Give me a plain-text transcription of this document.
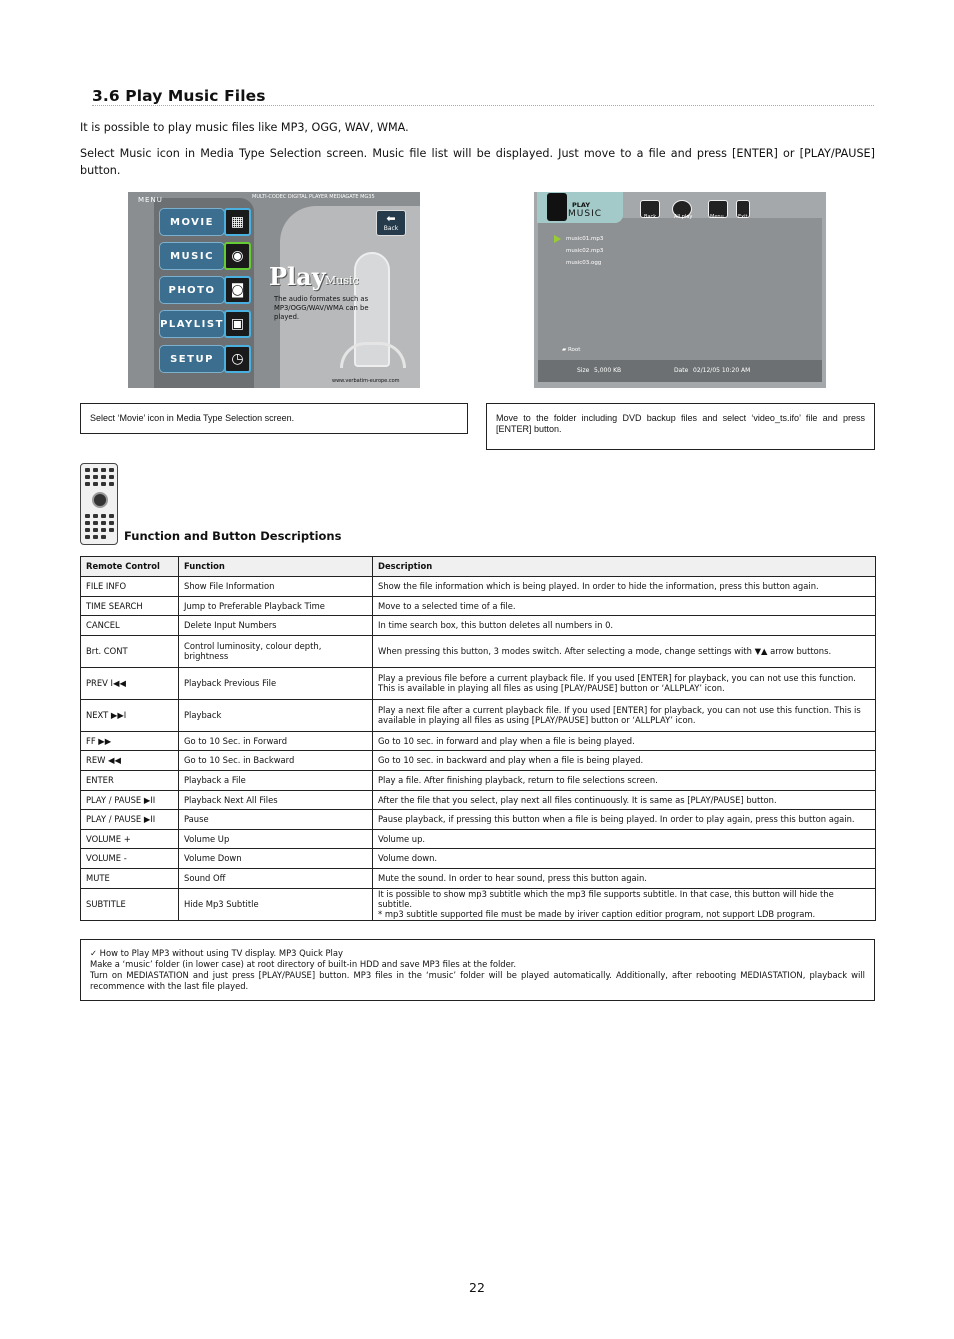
3.6 Play Music Files

It is possible to play music files like MP3, OGG, WAV, WMA.

Select Music icon in Media Type Selection screen. Music file list will be displayed. Just move to a file and press [ENTER] or [PLAY/PAUSE] button.

MENU	MULTI-CODEC DIGITAL PLAYER MEDIAGATE MG35
MOVIE	▦
MUSIC	◉
PHOTO	◙
PLAYLIST ▣
SETUP	◷
Play Music
The audio formates such as MP3/OGG/WAV/WMA can be played.
⬅
Back
www.verbatim-europe.com
PLAY
MUSIC	Back	All play	Menu	Exit
music01.mp3
music02.mp3
music03.ogg
▰ Root
Size 5,000 KB	Date 02/12/05 10:20 AM
Select ‘Movie’ icon in Media Type Selection screen.	Move to the folder including DVD backup files and select ‘video_ts.ifo’ file and press [ENTER] button.
Function and Button Descriptions
Remote Control	Function	Description
FILE INFO	Show File Information	Show the file information which is being played. In order to hide the information, press this button again.
TIME SEARCH	Jump to Preferable Playback Time	Move to a selected time of a file.
CANCEL	Delete Input Numbers	In time search box, this button deletes all numbers in 0.
Brt. CONT	Control luminosity, colour depth, brightness	When pressing this button, 3 modes switch. After selecting a mode, change settings with ▼▲ arrow buttons.
PREV I◀◀	Playback Previous File	Play a previous file before a current playback file. If you used [ENTER] for playback, you can not use this function. This is available in playing all files as using [PLAY/PAUSE] button or ‘ALLPLAY’ icon.
NEXT ▶▶I	Playback	Play a next file after a current playback file. If you used [ENTER] for playback, you can not use this function. This is available in playing all files as using [PLAY/PAUSE] button or ‘ALLPLAY’ icon.
FF ▶▶	Go to 10 Sec. in Forward	Go to 10 sec. in forward and play when a file is being played.
REW ◀◀	Go to 10 Sec. in Backward	Go to 10 sec. in backward and play when a file is being played.
ENTER	Playback a File	Play a file. After finishing playback, return to file selections screen.
PLAY / PAUSE ▶II	Playback Next All Files	After the file that you select, play next all files continuously. It is same as [PLAY/PAUSE] button.
PLAY / PAUSE ▶II	Pause	Pause playback, if pressing this button when a file is being played. In order to play again, press this button again.
VOLUME +	Volume Up	Volume up.
VOLUME -	Volume Down	Volume down.
MUTE	Sound Off	Mute the sound. In order to hear sound, press this button again.
SUBTITLE	Hide Mp3 Subtitle	It is possible to show mp3 subtitle which the mp3 file supports subtitle. In that case, this button will hide the subtitle.
* mp3 subtitle supported file must be made by iriver caption editior program, not support LDB program.
✓ How to Play MP3 without using TV display. MP3 Quick Play
Make a ‘music’ folder (in lower case) at root directory of built-in HDD and save MP3 files at the folder.
Turn on MEDIASTATION and just press [PLAY/PAUSE] button. MP3 files in the ‘music’ folder will be played automatically. Additionally, after rebooting MEDIASTATION, playback will recommence with the last file played.
22
